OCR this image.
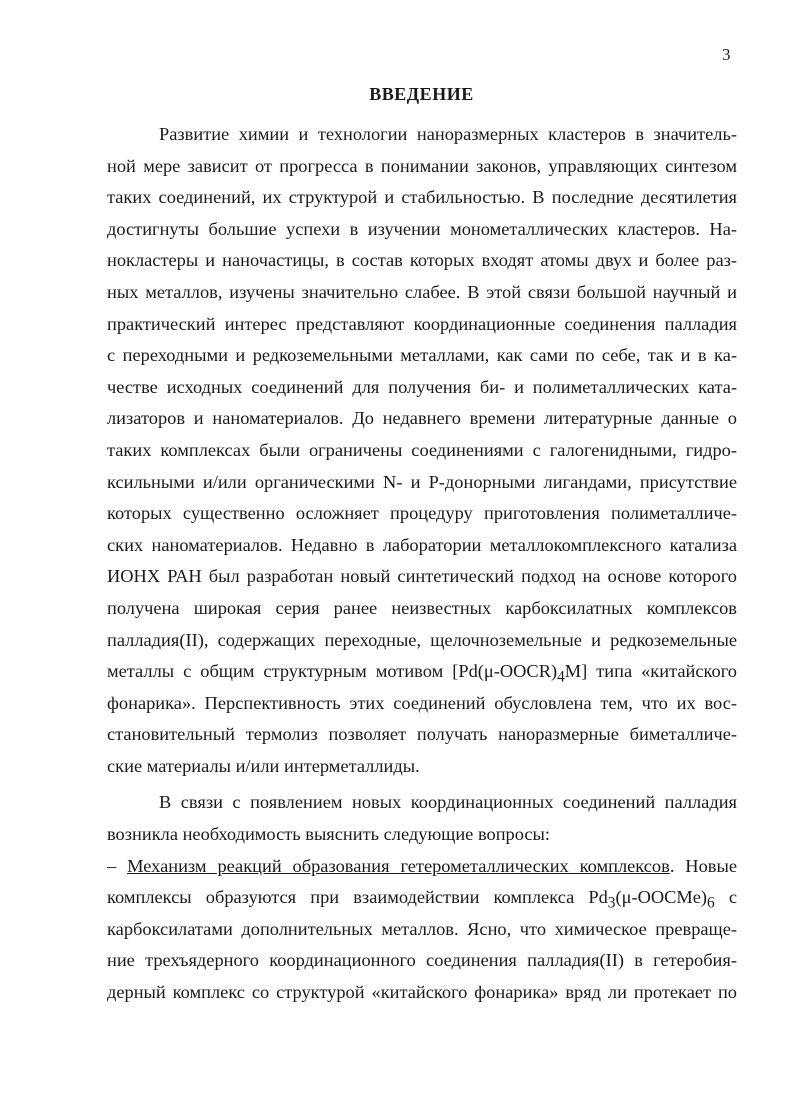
3
ВВЕДЕНИЕ
Развитие химии и технологии наноразмерных кластеров в значитель-
ной мере зависит от прогресса в понимании законов, управляющих синтезом
таких соединений, их структурой и стабильностью. В последние десятилетия
достигнуты большие успехи в изучении монометаллических кластеров. На-
нокластеры и наночастицы, в состав которых входят атомы двух и более раз-
ных металлов, изучены значительно слабее. В этой связи большой научный и
практический интерес представляют координационные соединения палладия
с переходными и редкоземельными металлами, как сами по себе, так и в ка-
честве исходных соединений для получения би- и полиметаллических ката-
лизаторов и наноматериалов. До недавнего времени литературные данные о
таких комплексах были ограничены соединениями с галогенидными, гидро-
ксильными и/или органическими N- и P-донорными лигандами, присутствие
которых существенно осложняет процедуру приготовления полиметалличе-
ских наноматериалов. Недавно в лаборатории металлокомплексного катализа
ИОНХ РАН был разработан новый синтетический подход на основе которого
получена широкая серия ранее неизвестных карбоксилатных комплексов
палладия(II), содержащих переходные, щелочноземельные и редкоземельные
металлы с общим структурным мотивом $[Pd(\mu-OOCR)_4M]$ типа «китайского
фонарика». Перспективность этих соединений обусловлена тем, что их вос-
становительный термолиз позволяет получать наноразмерные биметалличе-
ские материалы и/или интерметаллиды.
В связи с появлением новых координационных соединений палладия
возникла необходимость выяснить следующие вопросы:
– Механизм реакций образования гетерометаллических комплексов. Новые
комплексы образуются при взаимодействии комплекса $Pd_3(\mu-OOCMe)_6$ с
карбоксилатами дополнительных металлов. Ясно, что химическое превраще-
ние трехъядерного координационного соединения палладия(II) в гетеробия-
дерный комплекс со структурой «китайского фонарика» вряд ли протекает по
